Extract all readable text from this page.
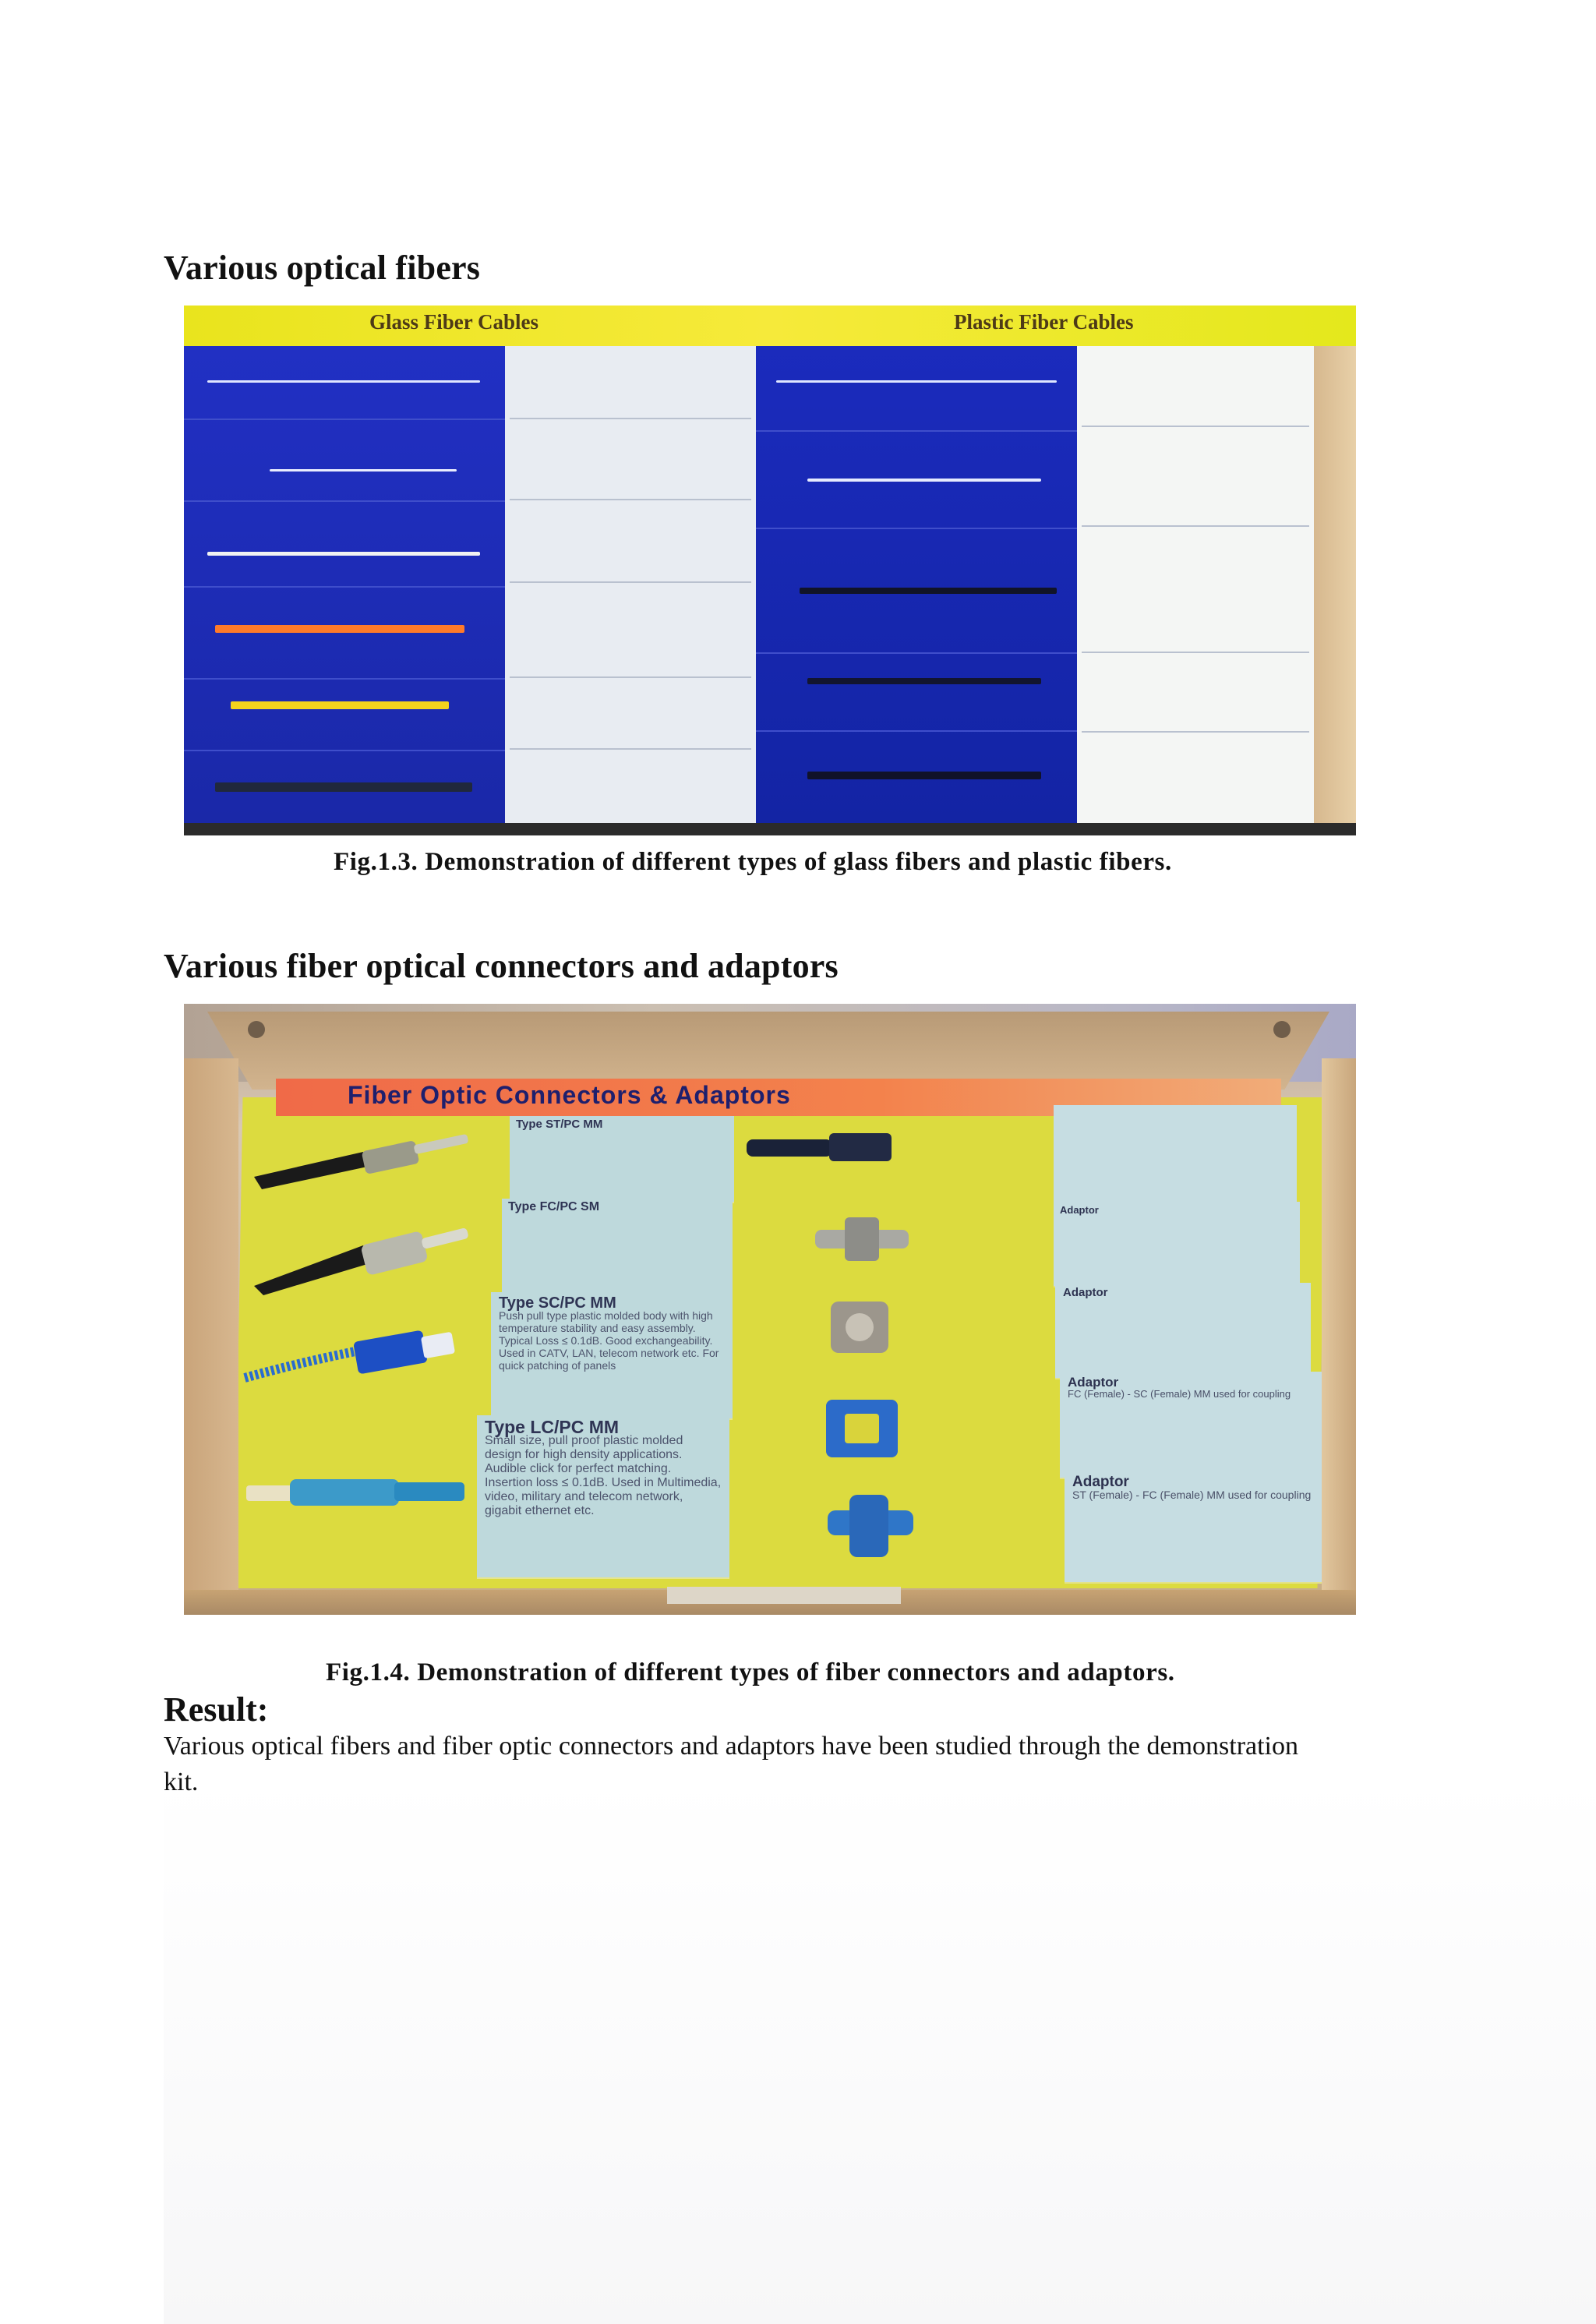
Various optical fibers
Glass Fiber Cables	Plastic Fiber Cables
Fig.1.3. Demonstration of different types of glass fibers and plastic fibers.
Various fiber optical connectors and adaptors
Fiber Optic Connectors & Adaptors
Type ST/PC MM
Type FC/PC SM
Type SC/PC MM
Push pull type plastic molded body with high temperature stability and easy assembly. Typical Loss ≤ 0.1dB. Good exchangeability. Used in CATV, LAN, telecom network etc. For quick patching of panels
Type LC/PC MM
Small size, pull proof plastic molded design for high density applications. Audible click for perfect matching. Insertion loss ≤ 0.1dB. Used in Multimedia, video, military and telecom network, gigabit ethernet etc.
Adaptor
Adaptor
Adaptor
FC (Female) - SC (Female) MM used for coupling
Adaptor
ST (Female) - FC (Female) MM used for coupling
Fig.1.4. Demonstration of different types of fiber connectors and adaptors.
Result:

Various optical fibers and fiber optic connectors and adaptors have been studied through the demonstration kit.
